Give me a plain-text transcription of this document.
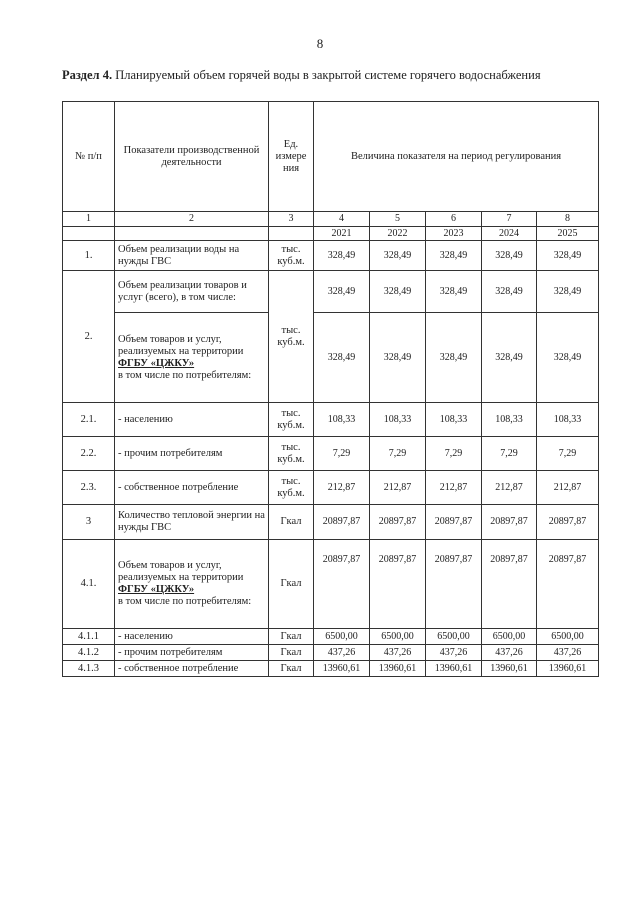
8
Раздел 4. Планируемый объем горячей воды в закрытой системе горячего водоснабжения
№ п/п	Показатели производственной деятельности	Ед. измере ния	Величина показателя на период регулирования				
1	2	3	4	5	6	7	8
			2021	2022	2023	2024	2025
1.	Объем реализации воды на нужды ГВС	тыс. куб.м.	328,49	328,49	328,49	328,49	328,49
2.	Объем реализации товаров и услуг (всего), в том числе:	тыс. куб.м.	328,49	328,49	328,49	328,49	328,49

	Объем товаров и услуг, реализуемых на территории
ФГБУ «ЦЖКУ»
в том числе по потребителям:		328,49	328,49	328,49	328,49	328,49
2.1.	- населению	тыс. куб.м.	108,33	108,33	108,33	108,33	108,33
2.2.	- прочим потребителям	тыс. куб.м.	7,29	7,29	7,29	7,29	7,29
2.3.	- собственное потребление	тыс. куб.м.	212,87	212,87	212,87	212,87	212,87
3	Количество тепловой энергии на нужды ГВС	Гкал	20897,87	20897,87	20897,87	20897,87	20897,87
4.1.	Объем товаров и услуг, реализуемых на территории
ФГБУ «ЦЖКУ»
в том числе по потребителям:	Гкал	20897,87	20897,87	20897,87	20897,87	20897,87
4.1.1	- населению	Гкал	6500,00	6500,00	6500,00	6500,00	6500,00
4.1.2	- прочим потребителям	Гкал	437,26	437,26	437,26	437,26	437,26
4.1.3	- собственное потребление	Гкал	13960,61	13960,61	13960,61	13960,61	13960,61
